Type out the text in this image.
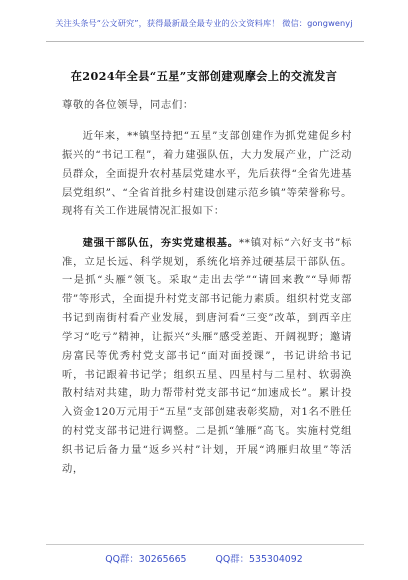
关注头条号“公文研究”，获得最新最全最专业的公文资料库！ 微信：gongwenyj
在2024年全县“五星”支部创建观摩会上的交流发言
尊敬的各位领导，同志们：

近年来，**镇坚持把“五星”支部创建作为抓党建促乡村振兴的“书记工程”，着力建强队伍，大力发展产业，广泛动员群众，全面提升农村基层党建水平，先后获得“全省先进基层党组织”、“全省首批乡村建设创建示范乡镇”等荣誉称号。现将有关工作进展情况汇报如下：

建强干部队伍，夯实党建根基。**镇对标“六好支书”标准，立足长远、科学规划，系统化培养过硬基层干部队伍。一是抓“头雁”领飞。采取“走出去学”“请回来教”“导师帮带”等形式，全面提升村党支部书记能力素质。组织村党支部书记到南街村看产业发展，到唐河看“三变”改革，到西辛庄学习“吃亏”精神，让振兴“头雁”感受差距、开阔视野；邀请房富民等优秀村党支部书记“面对面授课”，书记讲给书记听，书记跟着书记学；组织五星、四星村与二星村、软弱涣散村结对共建，助力帮带村党支部书记“加速成长”。累计投入资金120万元用于“五星”支部创建表彰奖励，对1名不胜任的村党支部书记进行调整。二是抓“雏雁”高飞。实施村党组织书记后备力量“返乡兴村”计划，开展“鸿雁归故里”等活动，

QQ群：30265665	QQ群：535304092
